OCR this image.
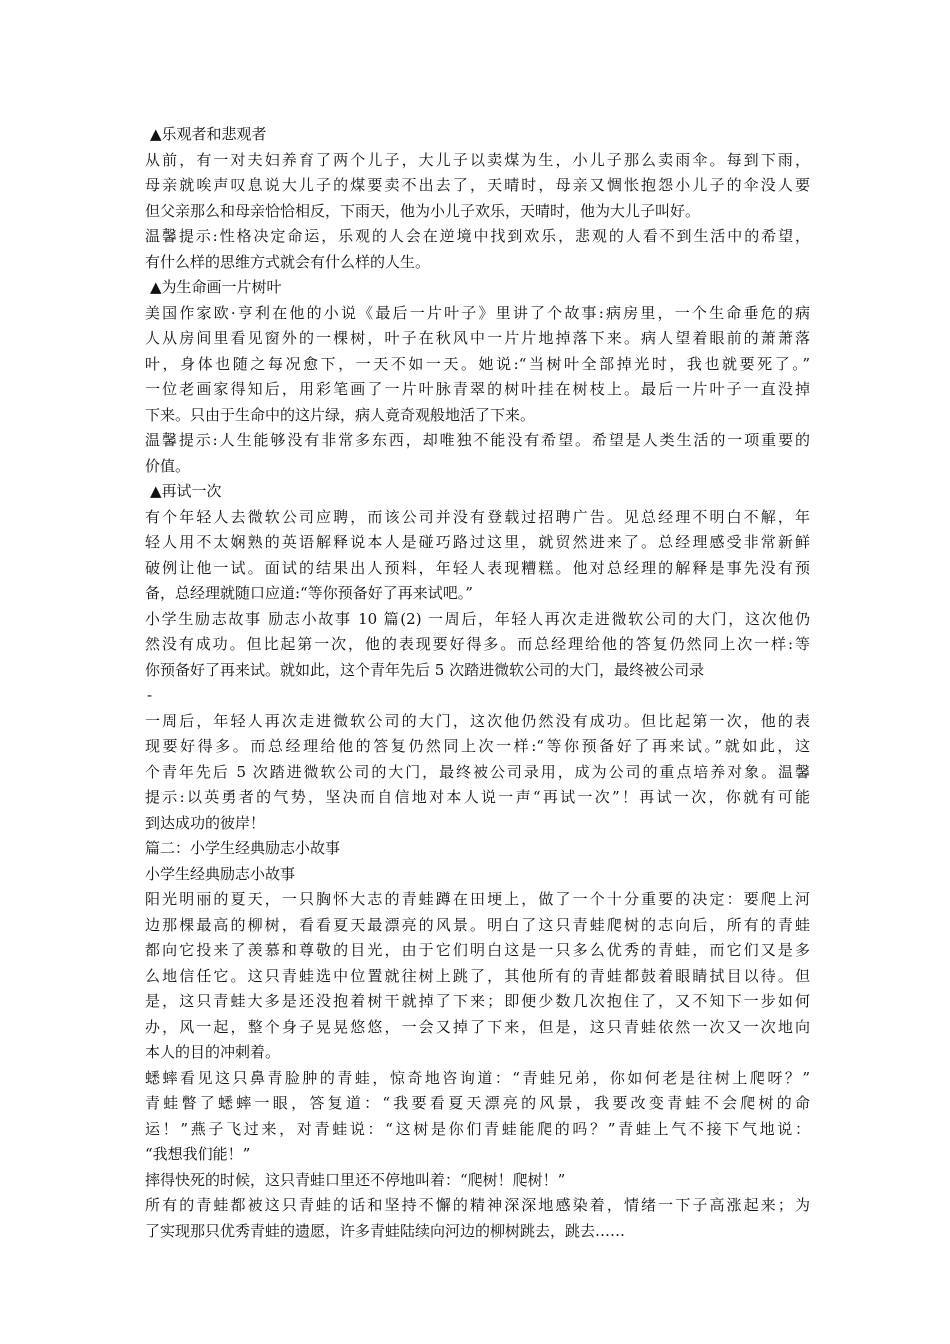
▲乐观者和悲观者
从前，有一对夫妇养育了两个儿子，大儿子以卖煤为生，小儿子那么卖雨伞。每到下雨，
母亲就唉声叹息说大儿子的煤要卖不出去了，天晴时，母亲又惆怅抱怨小儿子的伞没人要
但父亲那么和母亲恰恰相反，下雨天，他为小儿子欢乐，天晴时，他为大儿子叫好。
温馨提示:性格决定命运，乐观的人会在逆境中找到欢乐，悲观的人看不到生活中的希望，
有什么样的思维方式就会有什么样的人生。
▲为生命画一片树叶
美国作家欧·亨利在他的小说《最后一片叶子》里讲了个故事:病房里，一个生命垂危的病
人从房间里看见窗外的一棵树，叶子在秋风中一片片地掉落下来。病人望着眼前的萧萧落
叶，身体也随之每况愈下，一天不如一天。她说:“当树叶全部掉光时，我也就要死了。”
一位老画家得知后，用彩笔画了一片叶脉青翠的树叶挂在树枝上。最后一片叶子一直没掉
下来。只由于生命中的这片绿，病人竟奇观般地活了下来。
温馨提示:人生能够没有非常多东西，却唯独不能没有希望。希望是人类生活的一项重要的
价值。
▲再试一次
有个年轻人去微软公司应聘，而该公司并没有登载过招聘广告。见总经理不明白不解，年
轻人用不太娴熟的英语解释说本人是碰巧路过这里，就贸然进来了。总经理感受非常新鲜
破例让他一试。面试的结果出人预料，年轻人表现糟糕。他对总经理的解释是事先没有预
备，总经理就随口应道:“等你预备好了再来试吧。”
小学生励志故事 励志小故事 10 篇(2) 一周后，年轻人再次走进微软公司的大门，这次他仍
然没有成功。但比起第一次，他的表现要好得多。而总经理给他的答复仍然同上次一样:等
你预备好了再来试。就如此，这个青年先后 5 次踏进微软公司的大门，最终被公司录
-
一周后，年轻人再次走进微软公司的大门，这次他仍然没有成功。但比起第一次，他的表
现要好得多。而总经理给他的答复仍然同上次一样:“等你预备好了再来试。”就如此，这
个青年先后 5 次踏进微软公司的大门，最终被公司录用，成为公司的重点培养对象。温馨
提示:以英勇者的气势，坚决而自信地对本人说一声“再试一次”！再试一次，你就有可能
到达成功的彼岸！
篇二：小学生经典励志小故事
小学生经典励志小故事
阳光明丽的夏天，一只胸怀大志的青蛙蹲在田埂上，做了一个十分重要的决定：要爬上河
边那棵最高的柳树，看看夏天最漂亮的风景。明白了这只青蛙爬树的志向后，所有的青蛙
都向它投来了羡慕和尊敬的目光，由于它们明白这是一只多么优秀的青蛙，而它们又是多
么地信任它。这只青蛙选中位置就往树上跳了，其他所有的青蛙都鼓着眼睛拭目以待。但
是，这只青蛙大多是还没抱着树干就掉了下来；即便少数几次抱住了，又不知下一步如何
办，风一起，整个身子晃晃悠悠，一会又掉了下来，但是，这只青蛙依然一次又一次地向
本人的目的冲刺着。
蟋蟀看见这只鼻青脸肿的青蛙，惊奇地咨询道：“青蛙兄弟，你如何老是往树上爬呀？”
青蛙瞥了蟋蟀一眼，答复道：“我要看夏天漂亮的风景，我要改变青蛙不会爬树的命
运！”燕子飞过来，对青蛙说：“这树是你们青蛙能爬的吗？”青蛙上气不接下气地说：
“我想我们能！”
摔得快死的时候，这只青蛙口里还不停地叫着：“爬树！爬树！”
所有的青蛙都被这只青蛙的话和坚持不懈的精神深深地感染着，情绪一下子高涨起来；为
了实现那只优秀青蛙的遗愿，许多青蛙陆续向河边的柳树跳去，跳去……
